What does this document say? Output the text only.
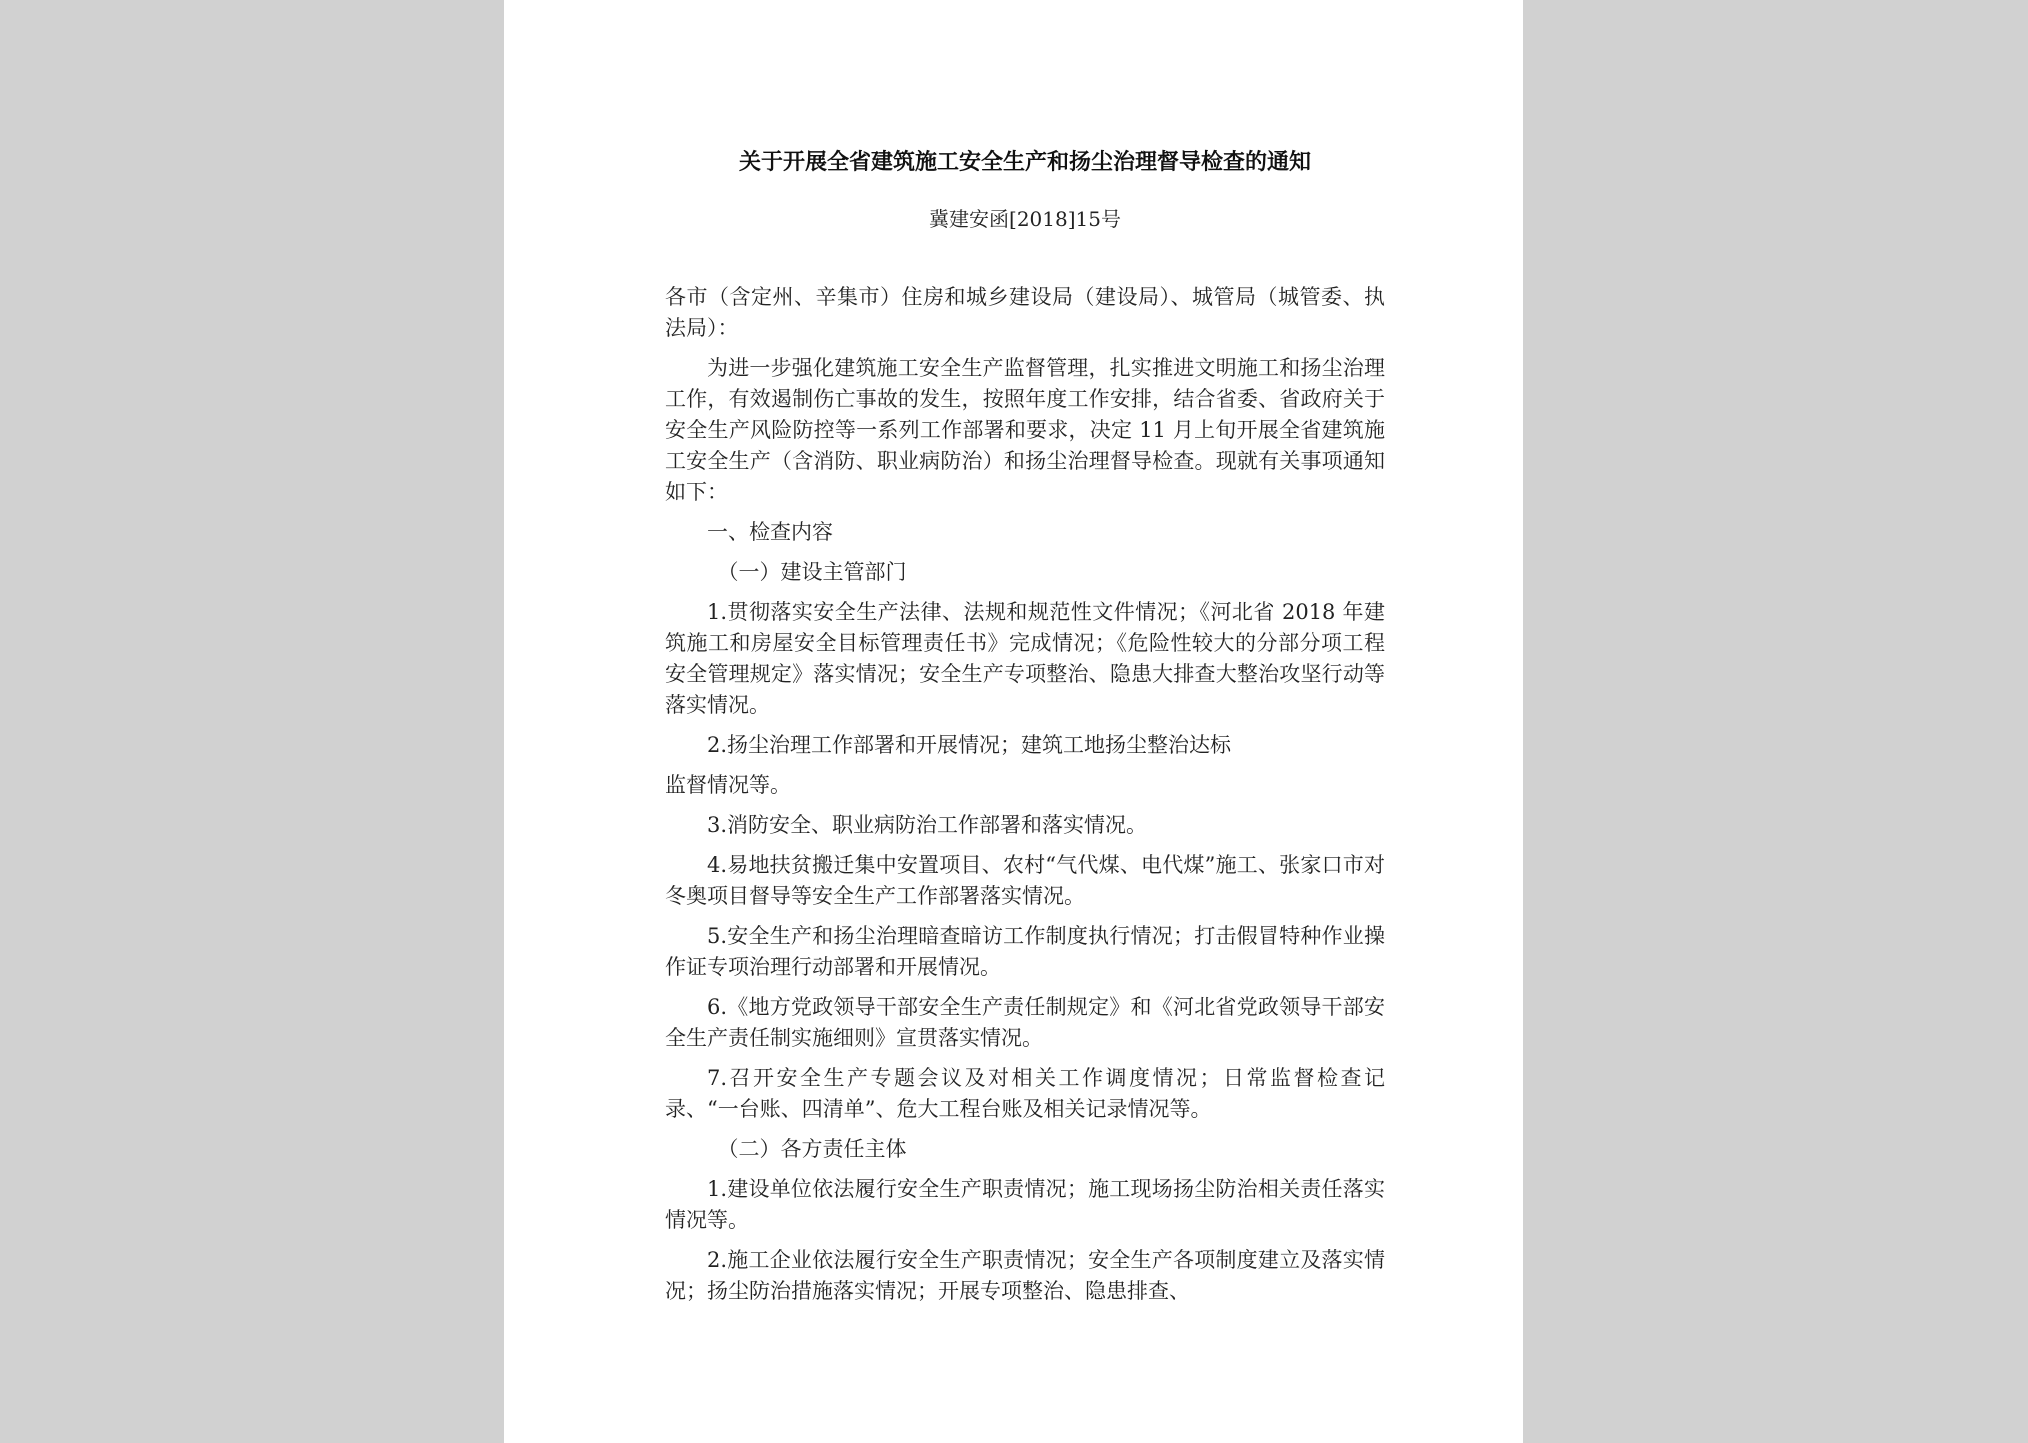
关于开展全省建筑施工安全生产和扬尘治理督导检查的通知
冀建安函[2018]15号

各市（含定州、辛集市）住房和城乡建设局（建设局）、城管局（城管委、执法局）：

为进一步强化建筑施工安全生产监督管理，扎实推进文明施工和扬尘治理工作，有效遏制伤亡事故的发生，按照年度工作安排，结合省委、省政府关于安全生产风险防控等一系列工作部署和要求，决定 11 月上旬开展全省建筑施工安全生产（含消防、职业病防治）和扬尘治理督导检查。现就有关事项通知如下：

一、检查内容

（一）建设主管部门

1.贯彻落实安全生产法律、法规和规范性文件情况；《河北省 2018 年建筑施工和房屋安全目标管理责任书》完成情况；《危险性较大的分部分项工程安全管理规定》落实情况；安全生产专项整治、隐患大排查大整治攻坚行动等落实情况。

2.扬尘治理工作部署和开展情况；建筑工地扬尘整治达标

监督情况等。

3.消防安全、职业病防治工作部署和落实情况。

4.易地扶贫搬迁集中安置项目、农村“气代煤、电代煤”施工、张家口市对冬奥项目督导等安全生产工作部署落实情况。

5.安全生产和扬尘治理暗查暗访工作制度执行情况；打击假冒特种作业操作证专项治理行动部署和开展情况。

6.《地方党政领导干部安全生产责任制规定》和《河北省党政领导干部安全生产责任制实施细则》宣贯落实情况。

7.召开安全生产专题会议及对相关工作调度情况；日常监督检查记录、“一台账、四清单”、危大工程台账及相关记录情况等。

（二）各方责任主体

1.建设单位依法履行安全生产职责情况；施工现场扬尘防治相关责任落实情况等。

2.施工企业依法履行安全生产职责情况；安全生产各项制度建立及落实情况；扬尘防治措施落实情况；开展专项整治、隐患排查、
